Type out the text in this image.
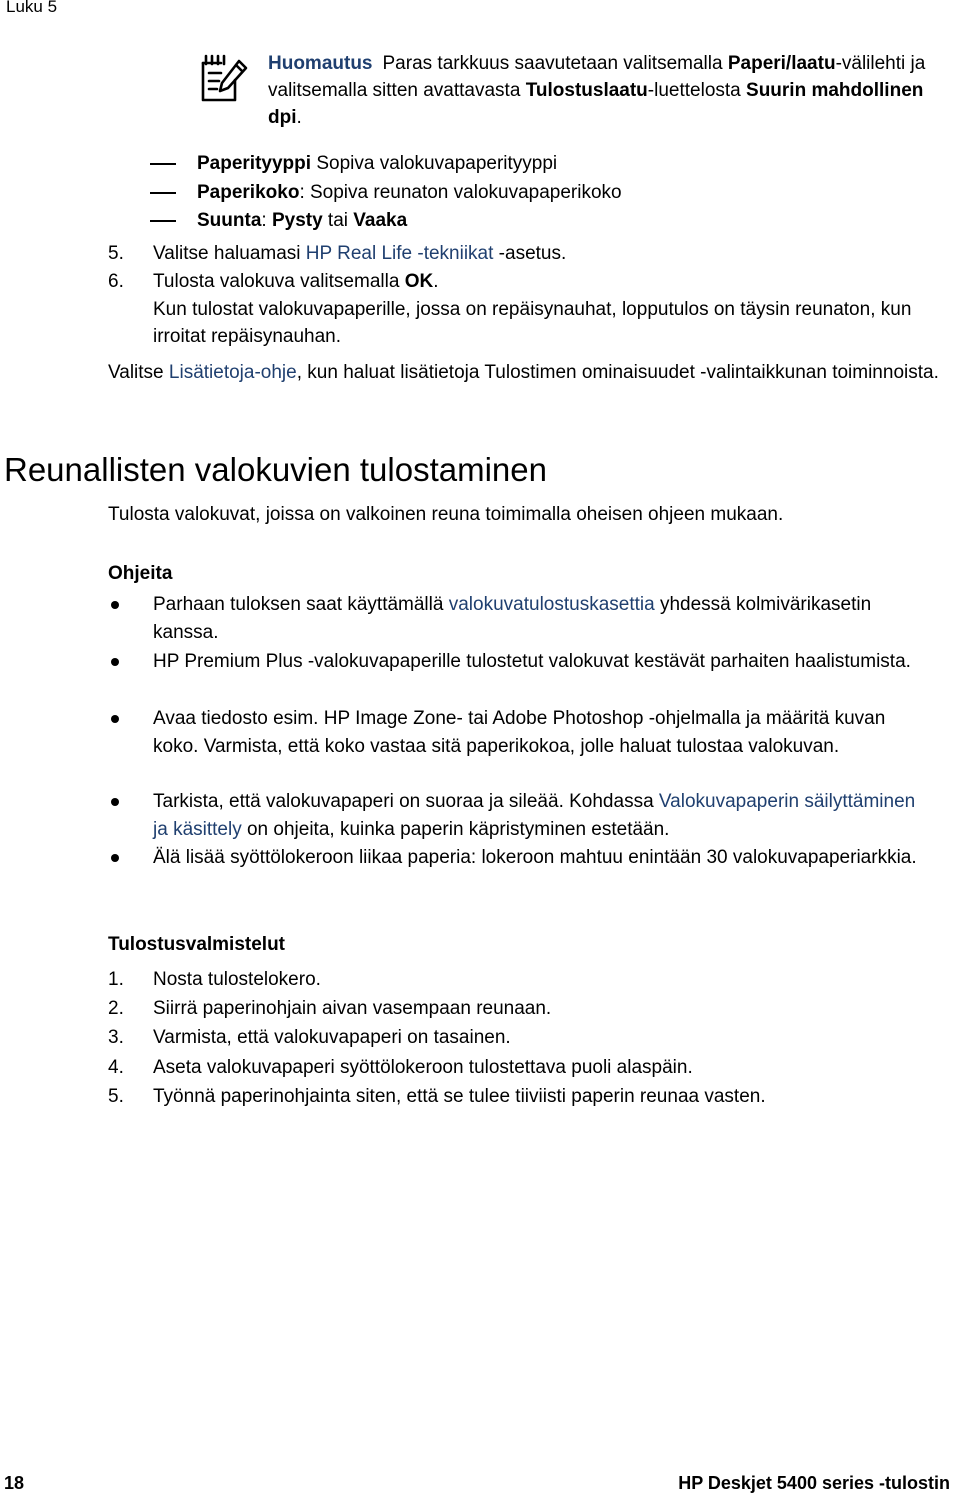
Luku 5
Huomautus Paras tarkkuus saavutetaan valitsemalla Paperi/laatu-välilehti ja valitsemalla sitten avattavasta Tulostuslaatu-luettelosta Suurin mahdollinen dpi.
Paperityyppi Sopiva valokuvapaperityyppi
Paperikoko: Sopiva reunaton valokuvapaperikoko
Suunta: Pysty tai Vaaka
5. Valitse haluamasi HP Real Life -tekniikat -asetus.
6. Tulosta valokuva valitsemalla OK.
Kun tulostat valokuvapaperille, jossa on repäisynauhat, lopputulos on täysin reunaton, kun irroitat repäisynauhan.
Valitse Lisätietoja-ohje, kun haluat lisätietoja Tulostimen ominaisuudet -valintaikkunan toiminnoista.
Reunallisten valokuvien tulostaminen
Tulosta valokuvat, joissa on valkoinen reuna toimimalla oheisen ohjeen mukaan.
Ohjeita
Parhaan tuloksen saat käyttämällä valokuvatulostuskasettia yhdessä kolmivärikasetin kanssa.
HP Premium Plus -valokuvapaperille tulostetut valokuvat kestävät parhaiten haalistumista.
Avaa tiedosto esim. HP Image Zone- tai Adobe Photoshop -ohjelmalla ja määritä kuvan koko. Varmista, että koko vastaa sitä paperikokoa, jolle haluat tulostaa valokuvan.
Tarkista, että valokuvapaperi on suoraa ja sileää. Kohdassa Valokuvapaperin säilyttäminen ja käsittely on ohjeita, kuinka paperin käpristyminen estetään.
Älä lisää syöttölokeroon liikaa paperia: lokeroon mahtuu enintään 30 valokuvapaperiarkkia.
Tulostusvalmistelut
1. Nosta tulostelokero.
2. Siirrä paperinohjain aivan vasempaan reunaan.
3. Varmista, että valokuvapaperi on tasainen.
4. Aseta valokuvapaperi syöttölokeroon tulostettava puoli alaspäin.
5. Työnnä paperinohjainta siten, että se tulee tiiviisti paperin reunaa vasten.
18	HP Deskjet 5400 series -tulostin
